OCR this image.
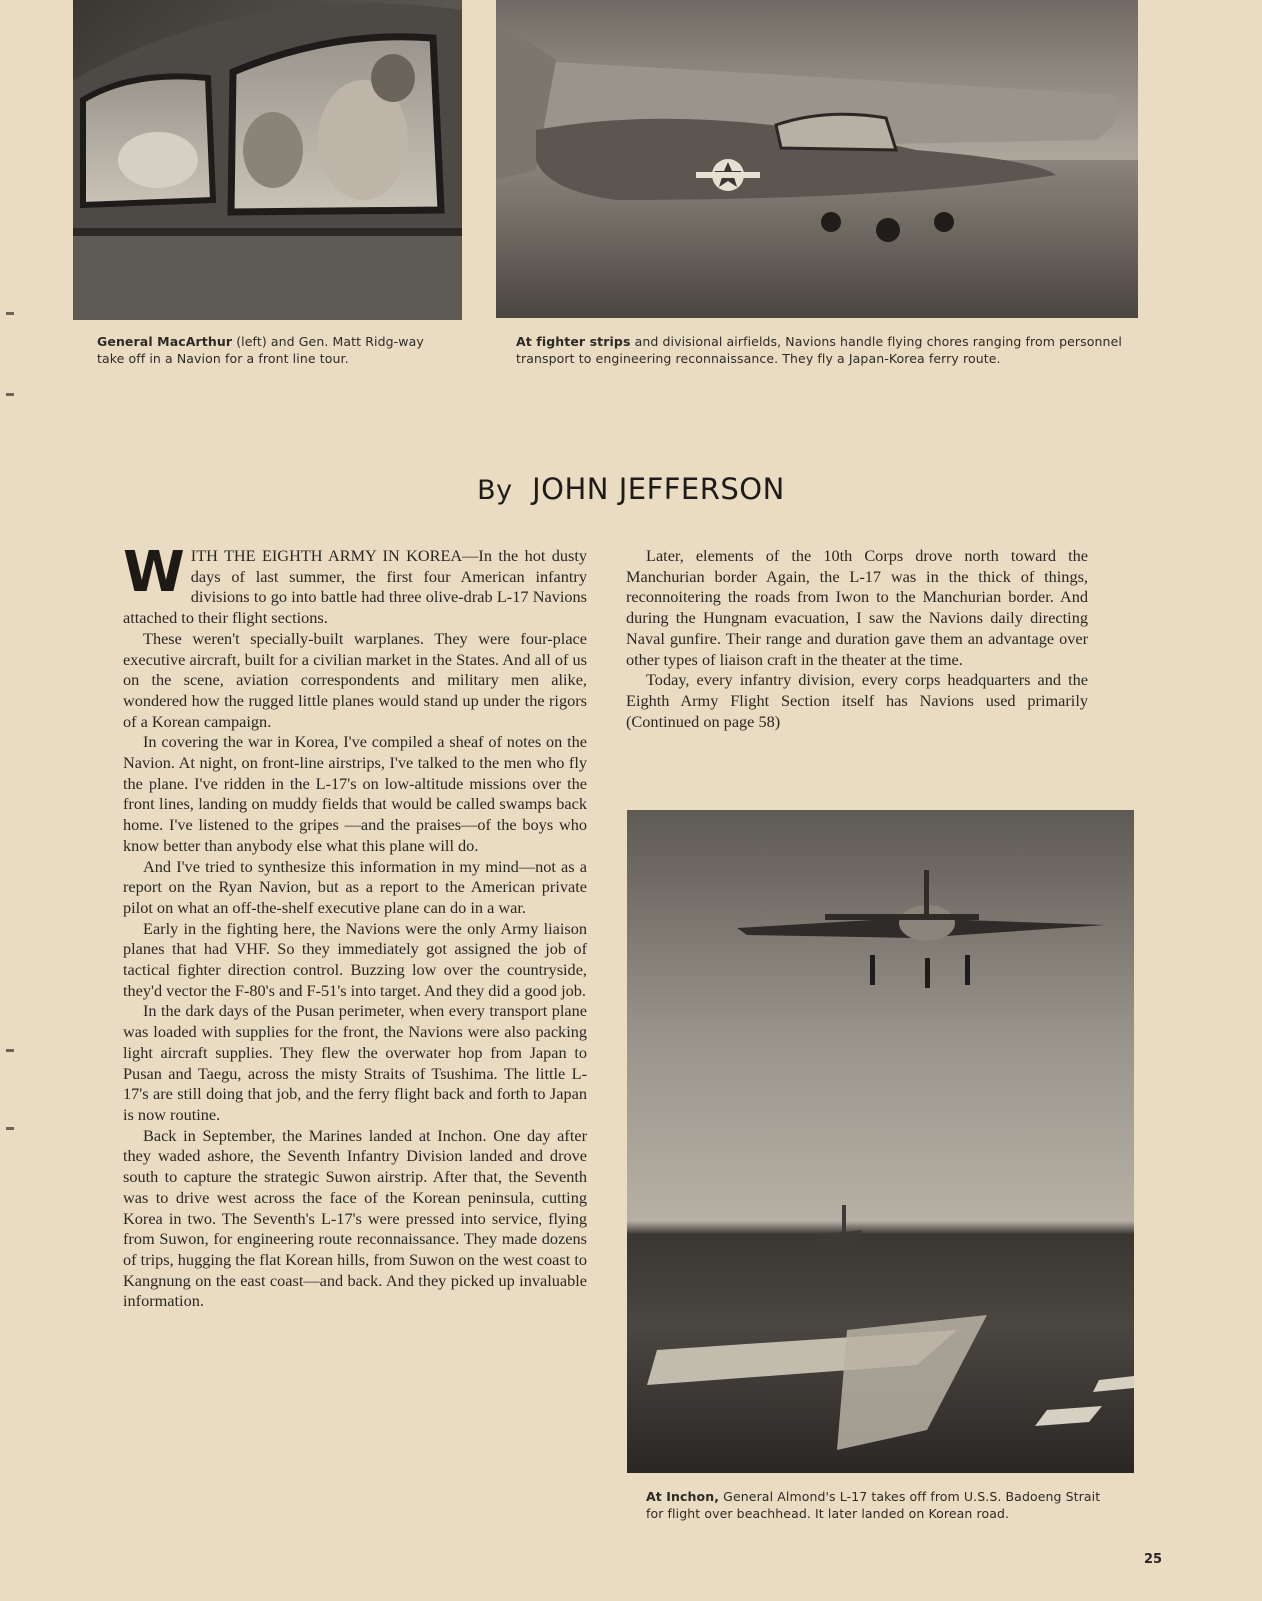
General MacArthur (left) and Gen. Matt Ridg-way take off in a Navion for a front line tour.
At fighter strips and divisional airfields, Navions handle flying chores ranging from personnel transport to engineering reconnaissance. They fly a Japan-Korea ferry route.
By JOHN JEFFERSON

WITH THE EIGHTH ARMY IN KOREA—In the hot dusty days of last summer, the first four American infantry divisions to go into battle had three olive-drab L-17 Navions attached to their flight sections.

These weren't specially-built warplanes. They were four-place executive aircraft, built for a civilian market in the States. And all of us on the scene, aviation correspondents and military men alike, wondered how the rugged little planes would stand up under the rigors of a Korean campaign.

In covering the war in Korea, I've compiled a sheaf of notes on the Navion. At night, on front-line airstrips, I've talked to the men who fly the plane. I've ridden in the L-17's on low-altitude missions over the front lines, landing on muddy fields that would be called swamps back home. I've listened to the gripes —and the praises—of the boys who know better than anybody else what this plane will do.

And I've tried to synthesize this information in my mind—not as a report on the Ryan Navion, but as a report to the American private pilot on what an off-the-shelf executive plane can do in a war.

Early in the fighting here, the Navions were the only Army liaison planes that had VHF. So they immediately got assigned the job of tactical fighter direction control. Buzzing low over the countryside, they'd vector the F-80's and F-51's into target. And they did a good job.

In the dark days of the Pusan perimeter, when every transport plane was loaded with supplies for the front, the Navions were also packing light aircraft supplies. They flew the overwater hop from Japan to Pusan and Taegu, across the misty Straits of Tsushima. The little L-17's are still doing that job, and the ferry flight back and forth to Japan is now routine.

Back in September, the Marines landed at Inchon. One day after they waded ashore, the Seventh Infantry Division landed and drove south to capture the strategic Suwon airstrip. After that, the Seventh was to drive west across the face of the Korean peninsula, cutting Korea in two. The Seventh's L-17's were pressed into service, flying from Suwon, for engineering route reconnaissance. They made dozens of trips, hugging the flat Korean hills, from Suwon on the west coast to Kangnung on the east coast—and back. And they picked up invaluable information.

Later, elements of the 10th Corps drove north toward the Manchurian border Again, the L-17 was in the thick of things, reconnoitering the roads from Iwon to the Manchurian border. And during the Hungnam evacuation, I saw the Navions daily directing Naval gunfire. Their range and duration gave them an advantage over other types of liaison craft in the theater at the time.

Today, every infantry division, every corps headquarters and the Eighth Army Flight Section itself has Navions used primarily (Continued on page 58)

At Inchon, General Almond's L-17 takes off from U.S.S. Badoeng Strait for flight over beachhead. It later landed on Korean road.
25
